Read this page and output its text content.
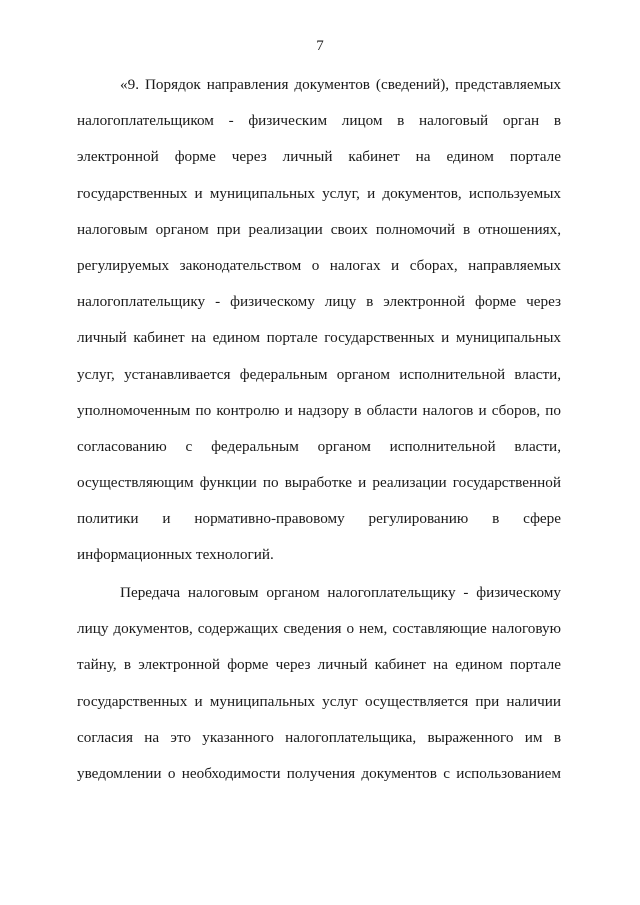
7

«9. Порядок направления документов (сведений), представляемых
налогоплательщиком - физическим лицом в налоговый орган в
электронной форме через личный кабинет на едином портале
государственных и муниципальных услуг, и документов, используемых
налоговым органом при реализации своих полномочий в отношениях,
регулируемых законодательством о налогах и сборах, направляемых
налогоплательщику - физическому лицу в электронной форме через
личный кабинет на едином портале государственных и муниципальных
услуг, устанавливается федеральным органом исполнительной власти,
уполномоченным по контролю и надзору в области налогов и сборов, по
согласованию с федеральным органом исполнительной власти,
осуществляющим функции по выработке и реализации государственной
политики и нормативно-правовому регулированию в сфере
информационных технологий.

Передача налоговым органом налогоплательщику - физическому
лицу документов, содержащих сведения о нем, составляющие налоговую
тайну, в электронной форме через личный кабинет на едином портале
государственных и муниципальных услуг осуществляется при наличии
согласия на это указанного налогоплательщика, выраженного им в
уведомлении о необходимости получения документов с использованием
